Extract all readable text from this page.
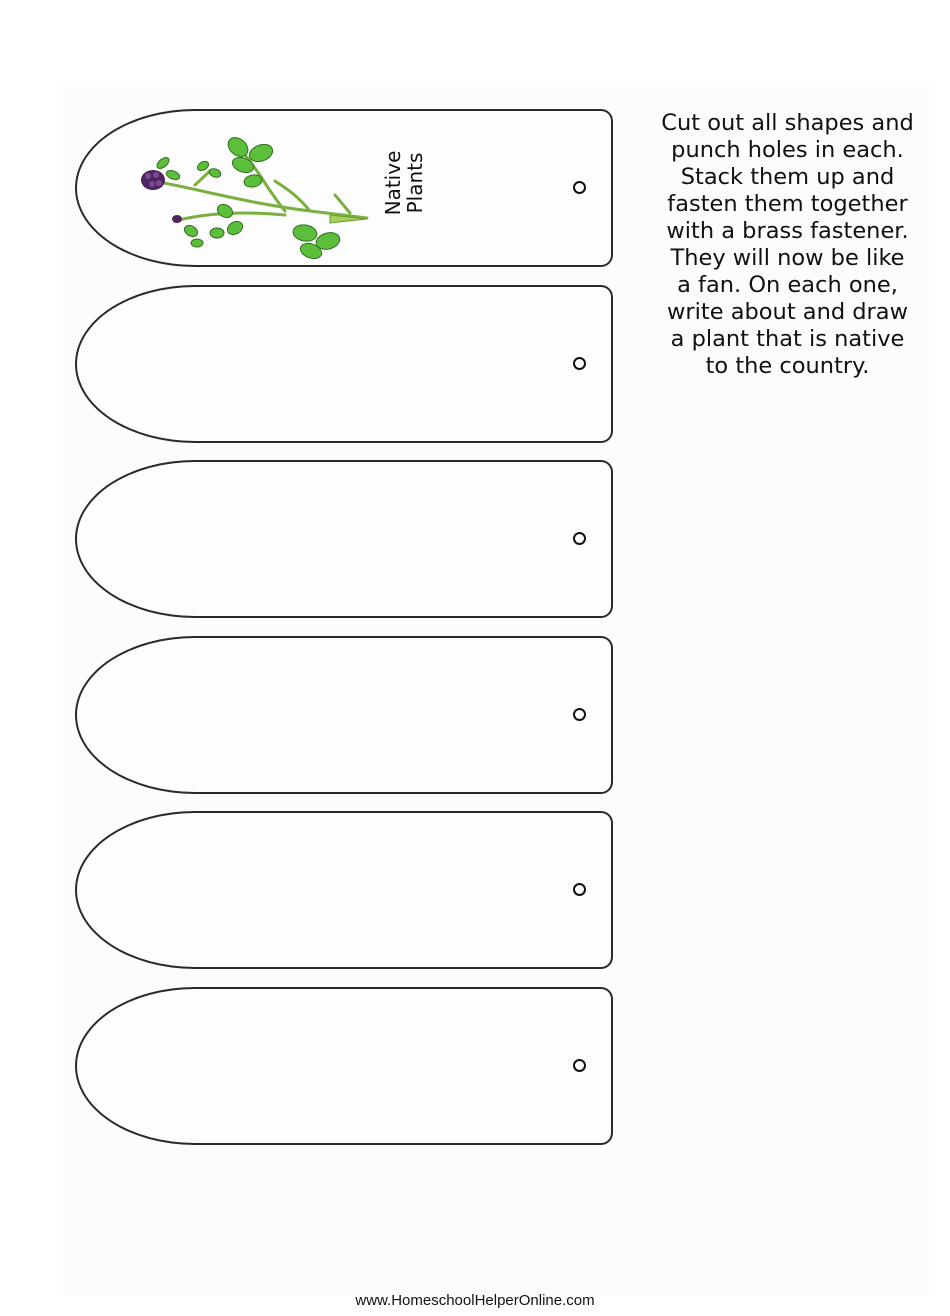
Native
Plants
Cut out all shapes and
punch holes in each.
Stack them up and
fasten them together
with a brass fastener.
They will now be like
a fan. On each one,
write about and draw
a plant that is native
to the country.
www.HomeschoolHelperOnline.com
